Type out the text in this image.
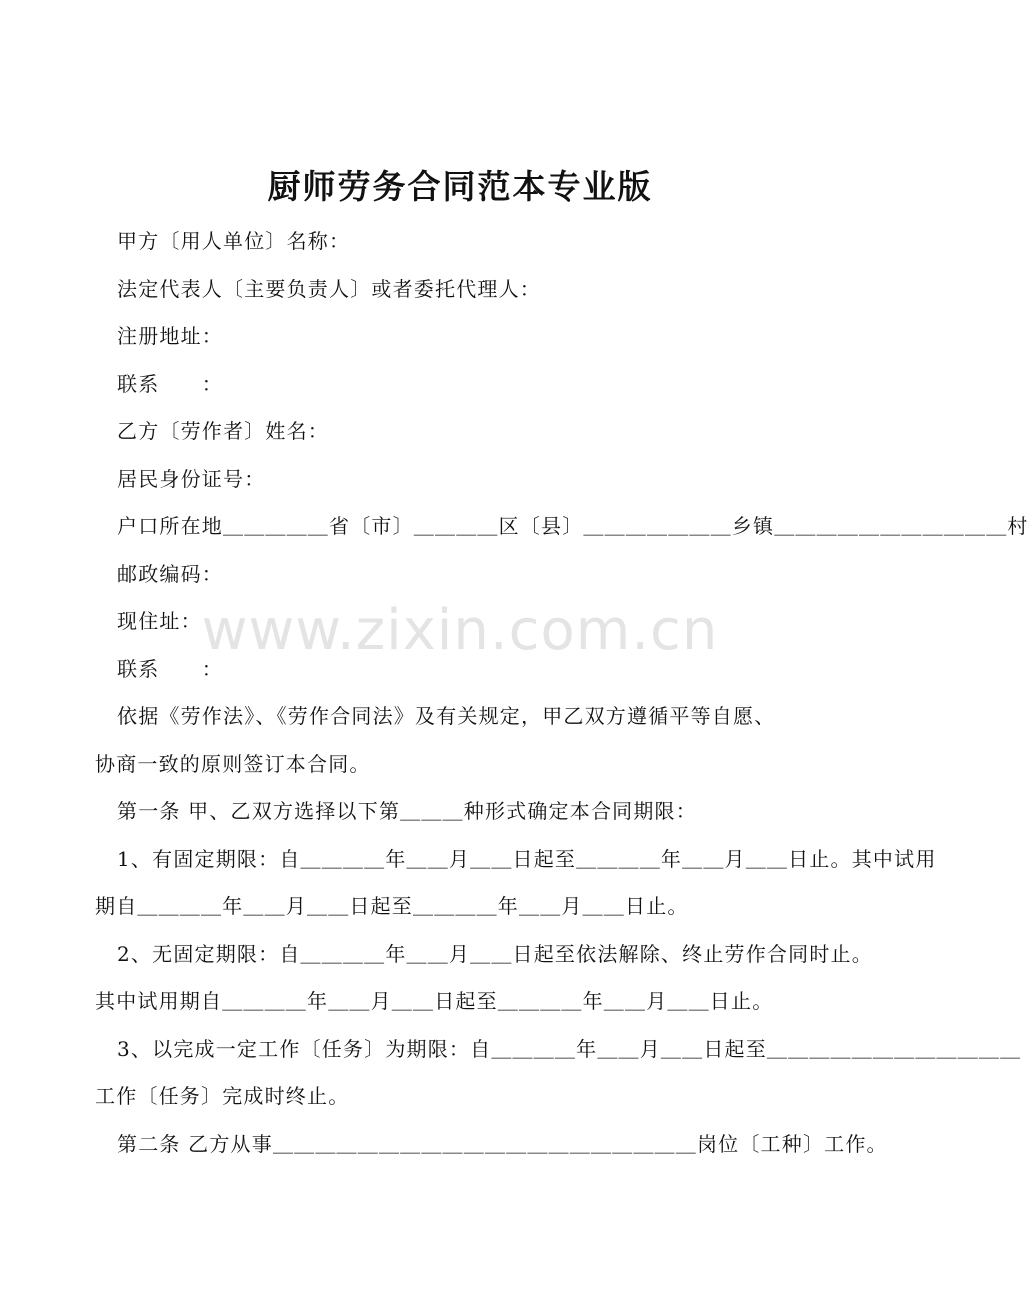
厨师劳务合同范本专业版

甲方〔用人单位〕名称：

法定代表人〔主要负责人〕或者委托代理人：

注册地址：

联系　　：

乙方〔劳作者〕姓名：

居民身份证号：

户口所在地＿＿＿＿＿省〔市〕＿＿＿＿区〔县〕＿＿＿＿＿＿＿乡镇＿＿＿＿＿＿＿＿＿＿＿村

邮政编码：

现住址：

联系　　：

依据《劳作法》、《劳作合同法》及有关规定，甲乙双方遵循平等自愿、

协商一致的原则签订本合同。

第一条 甲、乙双方选择以下第＿＿＿种形式确定本合同期限：

1、有固定期限：自＿＿＿＿年＿＿月＿＿日起至＿＿＿＿年＿＿月＿＿日止。其中试用

期自＿＿＿＿年＿＿月＿＿日起至＿＿＿＿年＿＿月＿＿日止。

2、无固定期限：自＿＿＿＿年＿＿月＿＿日起至依法解除、终止劳作合同时止。

其中试用期自＿＿＿＿年＿＿月＿＿日起至＿＿＿＿年＿＿月＿＿日止。

3、以完成一定工作〔任务〕为期限：自＿＿＿＿年＿＿月＿＿日起至＿＿＿＿＿＿＿＿＿＿＿＿

工作〔任务〕完成时终止。

第二条 乙方从事＿＿＿＿＿＿＿＿＿＿＿＿＿＿＿＿＿＿＿＿岗位〔工种〕工作。

www.zixin.com.cn
